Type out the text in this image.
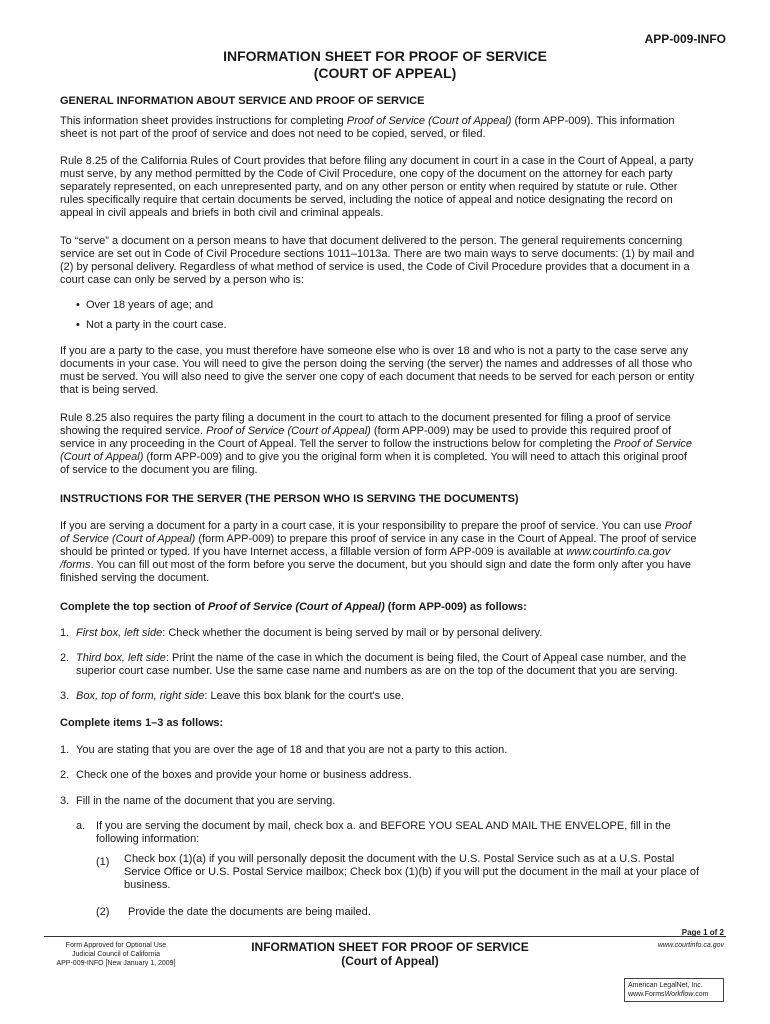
APP-009-INFO
INFORMATION SHEET FOR PROOF OF SERVICE
(COURT OF APPEAL)
GENERAL INFORMATION ABOUT SERVICE AND PROOF OF SERVICE
This information sheet provides instructions for completing Proof of Service (Court of Appeal) (form APP-009). This information
sheet is not part of the proof of service and does not need to be copied, served, or filed.
Rule 8.25 of the California Rules of Court provides that before filing any document in court in a case in the Court of Appeal, a party
must serve, by any method permitted by the Code of Civil Procedure, one copy of the document on the attorney for each party
separately represented, on each unrepresented party, and on any other person or entity when required by statute or rule. Other
rules specifically require that certain documents be served, including the notice of appeal and notice designating the record on
appeal in civil appeals and briefs in both civil and criminal appeals.
To “serve” a document on a person means to have that document delivered to the person. The general requirements concerning
service are set out in Code of Civil Procedure sections 1011–1013a. There are two main ways to serve documents: (1) by mail and
(2) by personal delivery. Regardless of what method of service is used, the Code of Civil Procedure provides that a document in a
court case can only be served by a person who is:
•  Over 18 years of age; and
•  Not a party in the court case.
If you are a party to the case, you must therefore have someone else who is over 18 and who is not a party to the case serve any
documents in your case. You will need to give the person doing the serving (the server) the names and addresses of all those who
must be served. You will also need to give the server one copy of each document that needs to be served for each person or entity
that is being served.
Rule 8.25 also requires the party filing a document in the court to attach to the document presented for filing a proof of service
showing the required service. Proof of Service (Court of Appeal) (form APP-009) may be used to provide this required proof of
service in any proceeding in the Court of Appeal. Tell the server to follow the instructions below for completing the Proof of Service
(Court of Appeal) (form APP-009) and to give you the original form when it is completed. You will need to attach this original proof
of service to the document you are filing.
INSTRUCTIONS FOR THE SERVER (THE PERSON WHO IS SERVING THE DOCUMENTS)
If you are serving a document for a party in a court case, it is your responsibility to prepare the proof of service. You can use Proof
of Service (Court of Appeal) (form APP-009) to prepare this proof of service in any case in the Court of Appeal. The proof of service
should be printed or typed. If you have Internet access, a fillable version of form APP-009 is available at www.courtinfo.ca.gov
/forms. You can fill out most of the form before you serve the document, but you should sign and date the form only after you have
finished serving the document.
Complete the top section of Proof of Service (Court of Appeal) (form APP-009) as follows:
1. First box, left side: Check whether the document is being served by mail or by personal delivery.
2. Third box, left side: Print the name of the case in which the document is being filed, the Court of Appeal case number, and the
superior court case number. Use the same case name and numbers as are on the top of the document that you are serving.
3. Box, top of form, right side: Leave this box blank for the court's use.
Complete items 1–3 as follows:
1. You are stating that you are over the age of 18 and that you are not a party to this action.
2. Check one of the boxes and provide your home or business address.
3. Fill in the name of the document that you are serving.
a. If you are serving the document by mail, check box a. and BEFORE YOU SEAL AND MAIL THE ENVELOPE, fill in the
following information:
(1)	Check box (1)(a) if you will personally deposit the document with the U.S. Postal Service such as at a U.S. Postal
Service Office or U.S. Postal Service mailbox; Check box (1)(b) if you will put the document in the mail at your place of
business.
(2)	Provide the date the documents are being mailed.
Page 1 of 2
Form Approved for Optional Use
Judicial Council of California
APP-009-INFO [New January 1, 2009]
INFORMATION SHEET FOR PROOF OF SERVICE
(Court of Appeal)
www.courtinfo.ca.gov
American LegalNet, Inc.
www.FormsWorkflow.com
